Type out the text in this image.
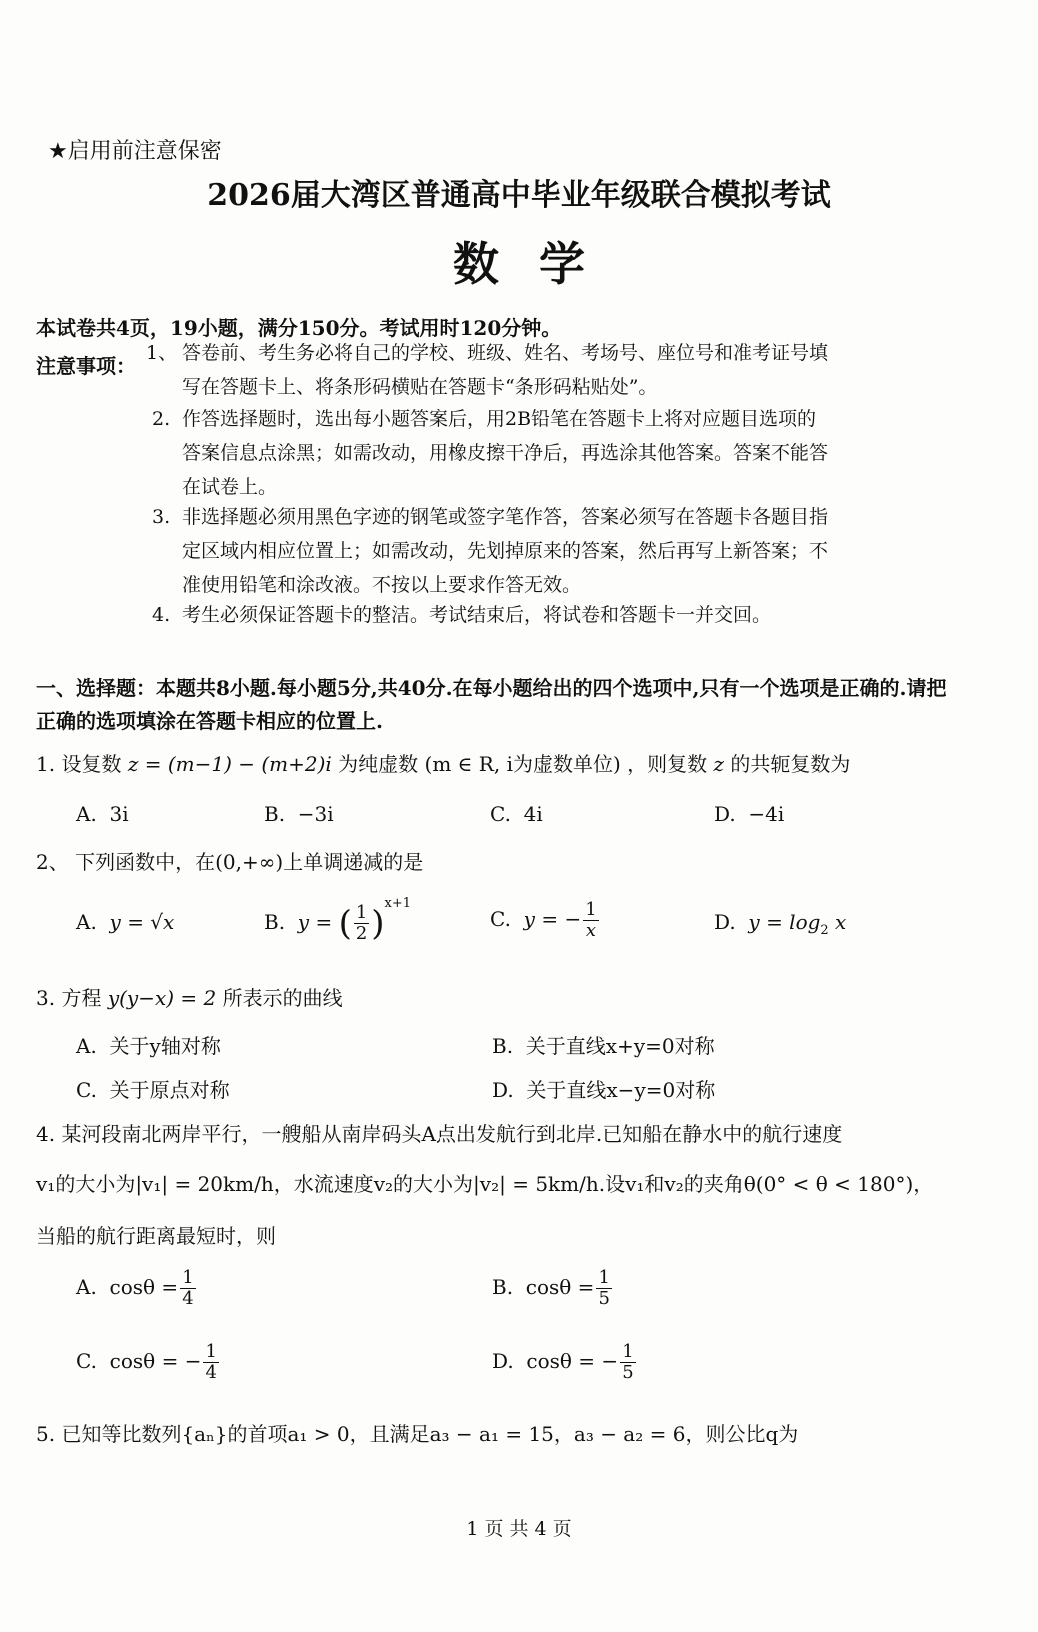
★启用前注意保密
2026届大湾区普通高中毕业年级联合模拟考试
数学
本试卷共4页，19小题，满分150分。考试用时120分钟。
注意事项：
1、 答卷前、考生务必将自己的学校、班级、姓名、考场号、座位号和准考证号填
写在答题卡上、将条形码横贴在答题卡“条形码粘贴处”。
2. 作答选择题时，选出每小题答案后，用2B铅笔在答题卡上将对应题目选项的
答案信息点涂黑；如需改动，用橡皮擦干净后，再选涂其他答案。答案不能答
在试卷上。
3. 非选择题必须用黑色字迹的钢笔或签字笔作答，答案必须写在答题卡各题目指
定区域内相应位置上；如需改动，先划掉原来的答案，然后再写上新答案；不
准使用铅笔和涂改液。不按以上要求作答无效。
4. 考生必须保证答题卡的整洁。考试结束后，将试卷和答题卡一并交回。
一、选择题：本题共8小题.每小题5分,共40分.在每小题给出的四个选项中,只有一个选项是正确的.请把正确的选项填涂在答题卡相应的位置上.
1. 设复数 z = (m−1) − (m+2)i 为纯虚数 (m ∈ R, i为虚数单位) ，则复数 z 的共轭复数为
A. 3i	B. −3i	C. 4i	D. −4i
2、 下列函数中，在(0,+∞)上单调递减的是
A. y = √x	B. y = ( $\frac{1}{2} )^{x+1}$
C. y = − $\frac{1}{x}$	D. $y = \log_2 x$
3. 方程 y(y−x) = 2 所表示的曲线
A. 关于y轴对称	B. 关于直线x+y=0对称
C. 关于原点对称	D. 关于直线x−y=0对称
4. 某河段南北两岸平行，一艘船从南岸码头A点出发航行到北岸.已知船在静水中的航行速度
v₁的大小为|v₁| = 20km/h，水流速度v₂的大小为|v₂| = 5km/h.设v₁和v₂的夹角θ(0° < θ < 180°)，
当船的航行距离最短时，则
A. $\cos\theta = \frac{1}{4}$	B. $\cos\theta = \frac{1}{5}$
C. cosθ = − $\frac{1}{4}$	D. cosθ = − $\frac{1}{5}$
5. 已知等比数列{aₙ}的首项a₁ > 0，且满足a₃ − a₁ = 15，a₃ − a₂ = 6，则公比q为
1 页 共 4 页
